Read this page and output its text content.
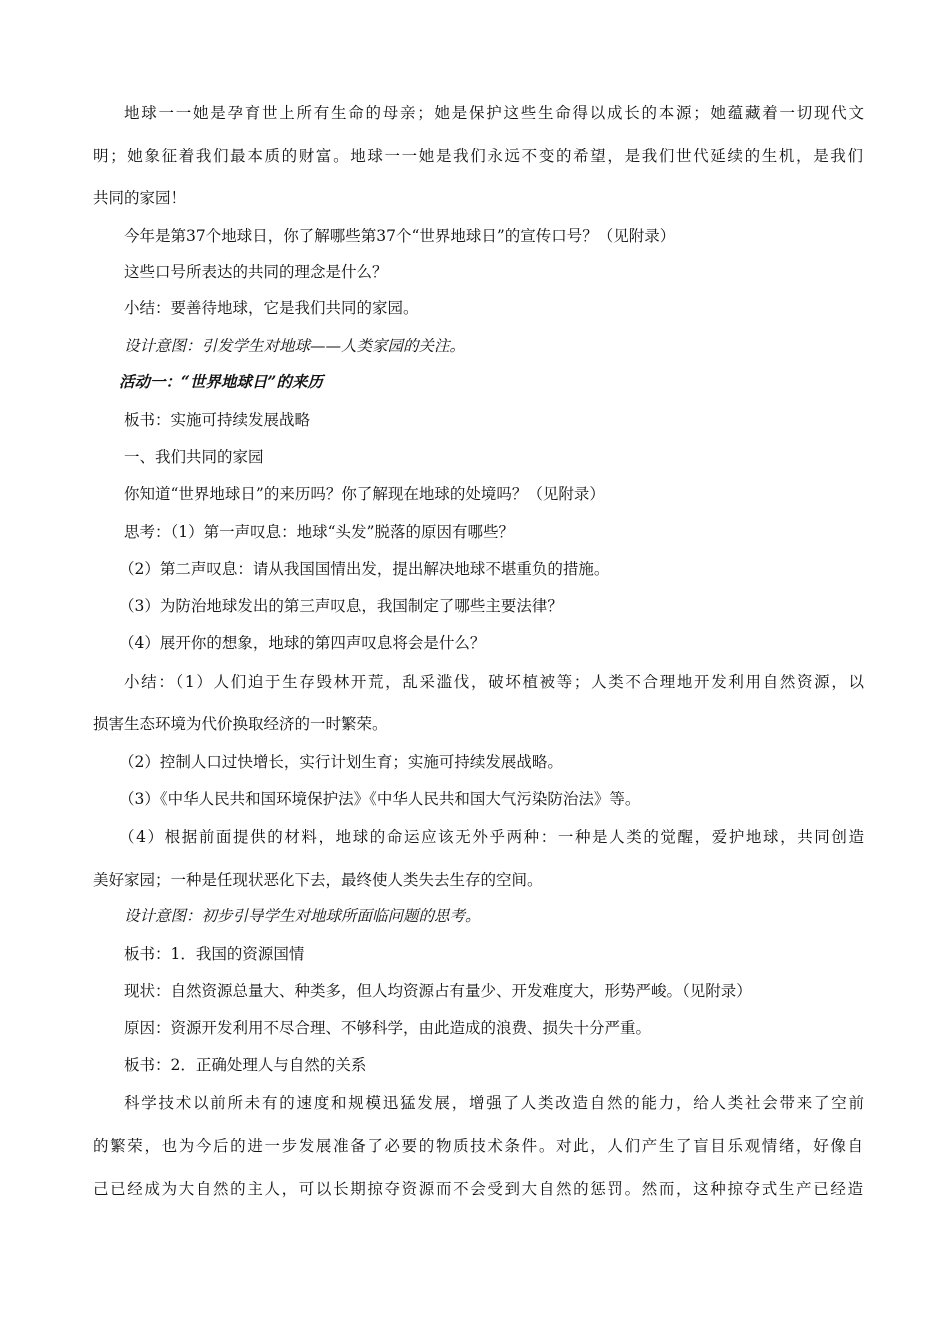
地球一一她是孕育世上所有生命的母亲；她是保护这些生命得以成长的本源；她蕴藏着一切现代文
明；她象征着我们最本质的财富。地球一一她是我们永远不变的希望，是我们世代延续的生机，是我们
共同的家园！
今年是第37个地球日，你了解哪些第37个“世界地球日”的宣传口号？（见附录）
这些口号所表达的共同的理念是什么？
小结：要善待地球，它是我们共同的家园。
设计意图：引发学生对地球——人类家园的关注。
活动一：“世界地球日”的来历
板书：实施可持续发展战略
一、我们共同的家园
你知道“世界地球日”的来历吗？你了解现在地球的处境吗？（见附录）
思考：（1）第一声叹息：地球“头发”脱落的原因有哪些？
（2）第二声叹息：请从我国国情出发，提出解决地球不堪重负的措施。
（3）为防治地球发出的第三声叹息，我国制定了哪些主要法律？
（4）展开你的想象，地球的第四声叹息将会是什么？
小结：（1）人们迫于生存毁林开荒，乱采滥伐，破坏植被等；人类不合理地开发利用自然资源，以
损害生态环境为代价换取经济的一时繁荣。
（2）控制人口过快增长，实行计划生育；实施可持续发展战略。
（3）《中华人民共和国环境保护法》《中华人民共和国大气污染防治法》等。
（4）根据前面提供的材料，地球的命运应该无外乎两种：一种是人类的觉醒，爱护地球，共同创造
美好家园；一种是任现状恶化下去，最终使人类失去生存的空间。
设计意图：初步引导学生对地球所面临问题的思考。
板书：1．我国的资源国情
现状：自然资源总量大、种类多，但人均资源占有量少、开发难度大，形势严峻。（见附录）
原因：资源开发利用不尽合理、不够科学，由此造成的浪费、损失十分严重。
板书：2．正确处理人与自然的关系
科学技术以前所未有的速度和规模迅猛发展，增强了人类改造自然的能力，给人类社会带来了空前
的繁荣，也为今后的进一步发展准备了必要的物质技术条件。对此，人们产生了盲目乐观情绪，好像自
己已经成为大自然的主人，可以长期掠夺资源而不会受到大自然的惩罚。然而，这种掠夺式生产已经造
